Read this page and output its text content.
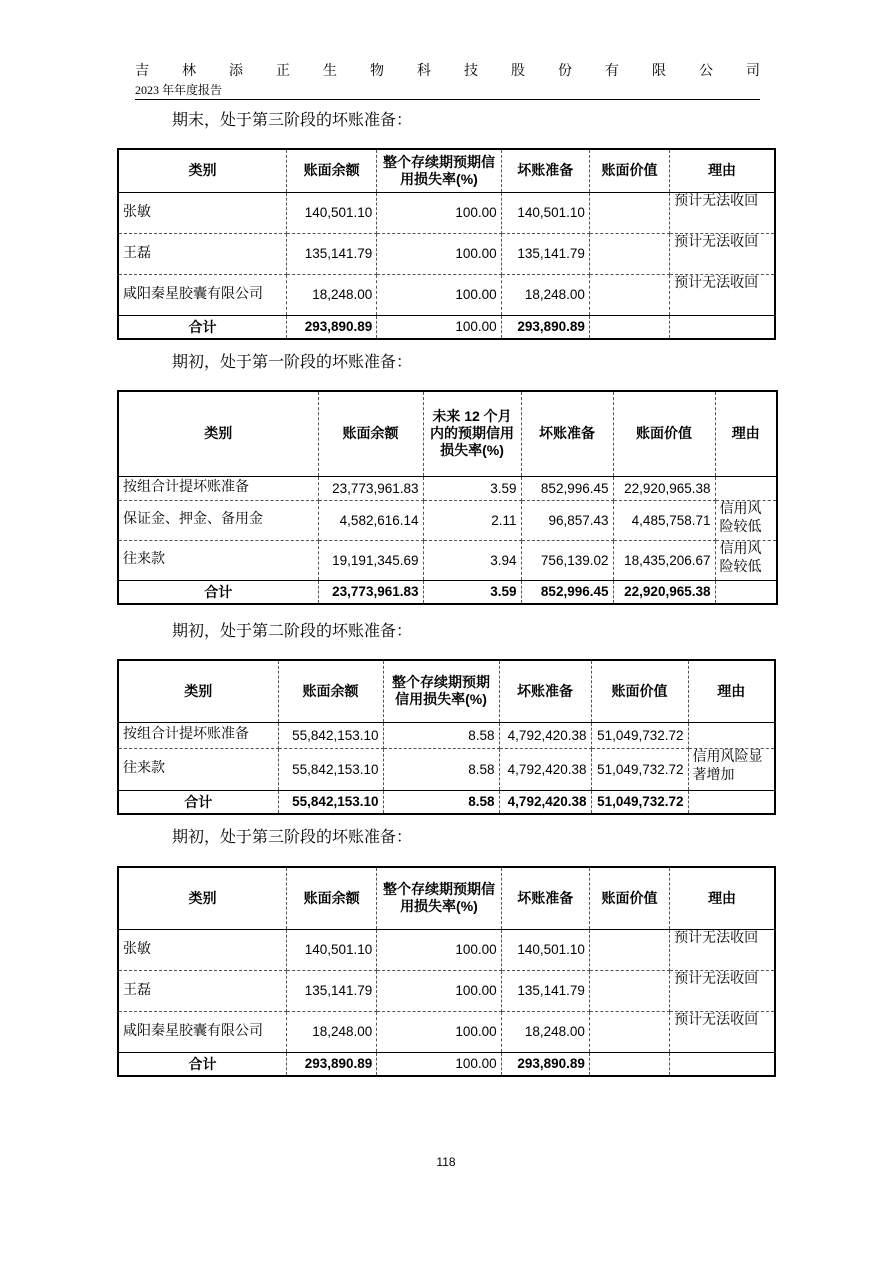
吉 林 添 正 生 物 科 技 股 份 有 限 公 司
2023 年年度报告
期末，处于第三阶段的坏账准备：
类别	账面余额	整个存续期预期信用损失率(%)	坏账准备	账面价值	理由
张敏	140,501.10	100.00	140,501.10		预计无法收回
王磊	135,141.79	100.00	135,141.79		预计无法收回
咸阳秦星胶囊有限公司	18,248.00	100.00	18,248.00		预计无法收回
合计	293,890.89	100.00	293,890.89		
期初，处于第一阶段的坏账准备：
类别	账面余额	未来 12 个月内的预期信用损失率(%)	坏账准备	账面价值	理由
按组合计提坏账准备	23,773,961.83	3.59	852,996.45	22,920,965.38	
保证金、押金、备用金	4,582,616.14	2.11	96,857.43	4,485,758.71	信用风险较低
往来款	19,191,345.69	3.94	756,139.02	18,435,206.67	信用风险较低
合计	23,773,961.83	3.59	852,996.45	22,920,965.38	
期初，处于第二阶段的坏账准备：
类别	账面余额	整个存续期预期信用损失率(%)	坏账准备	账面价值	理由
按组合计提坏账准备	55,842,153.10	8.58	4,792,420.38	51,049,732.72	
往来款	55,842,153.10	8.58	4,792,420.38	51,049,732.72	信用风险显著增加
合计	55,842,153.10	8.58	4,792,420.38	51,049,732.72	
期初，处于第三阶段的坏账准备：
类别	账面余额	整个存续期预期信用损失率(%)	坏账准备	账面价值	理由
张敏	140,501.10	100.00	140,501.10		预计无法收回
王磊	135,141.79	100.00	135,141.79		预计无法收回
咸阳秦星胶囊有限公司	18,248.00	100.00	18,248.00		预计无法收回
合计	293,890.89	100.00	293,890.89		
118
